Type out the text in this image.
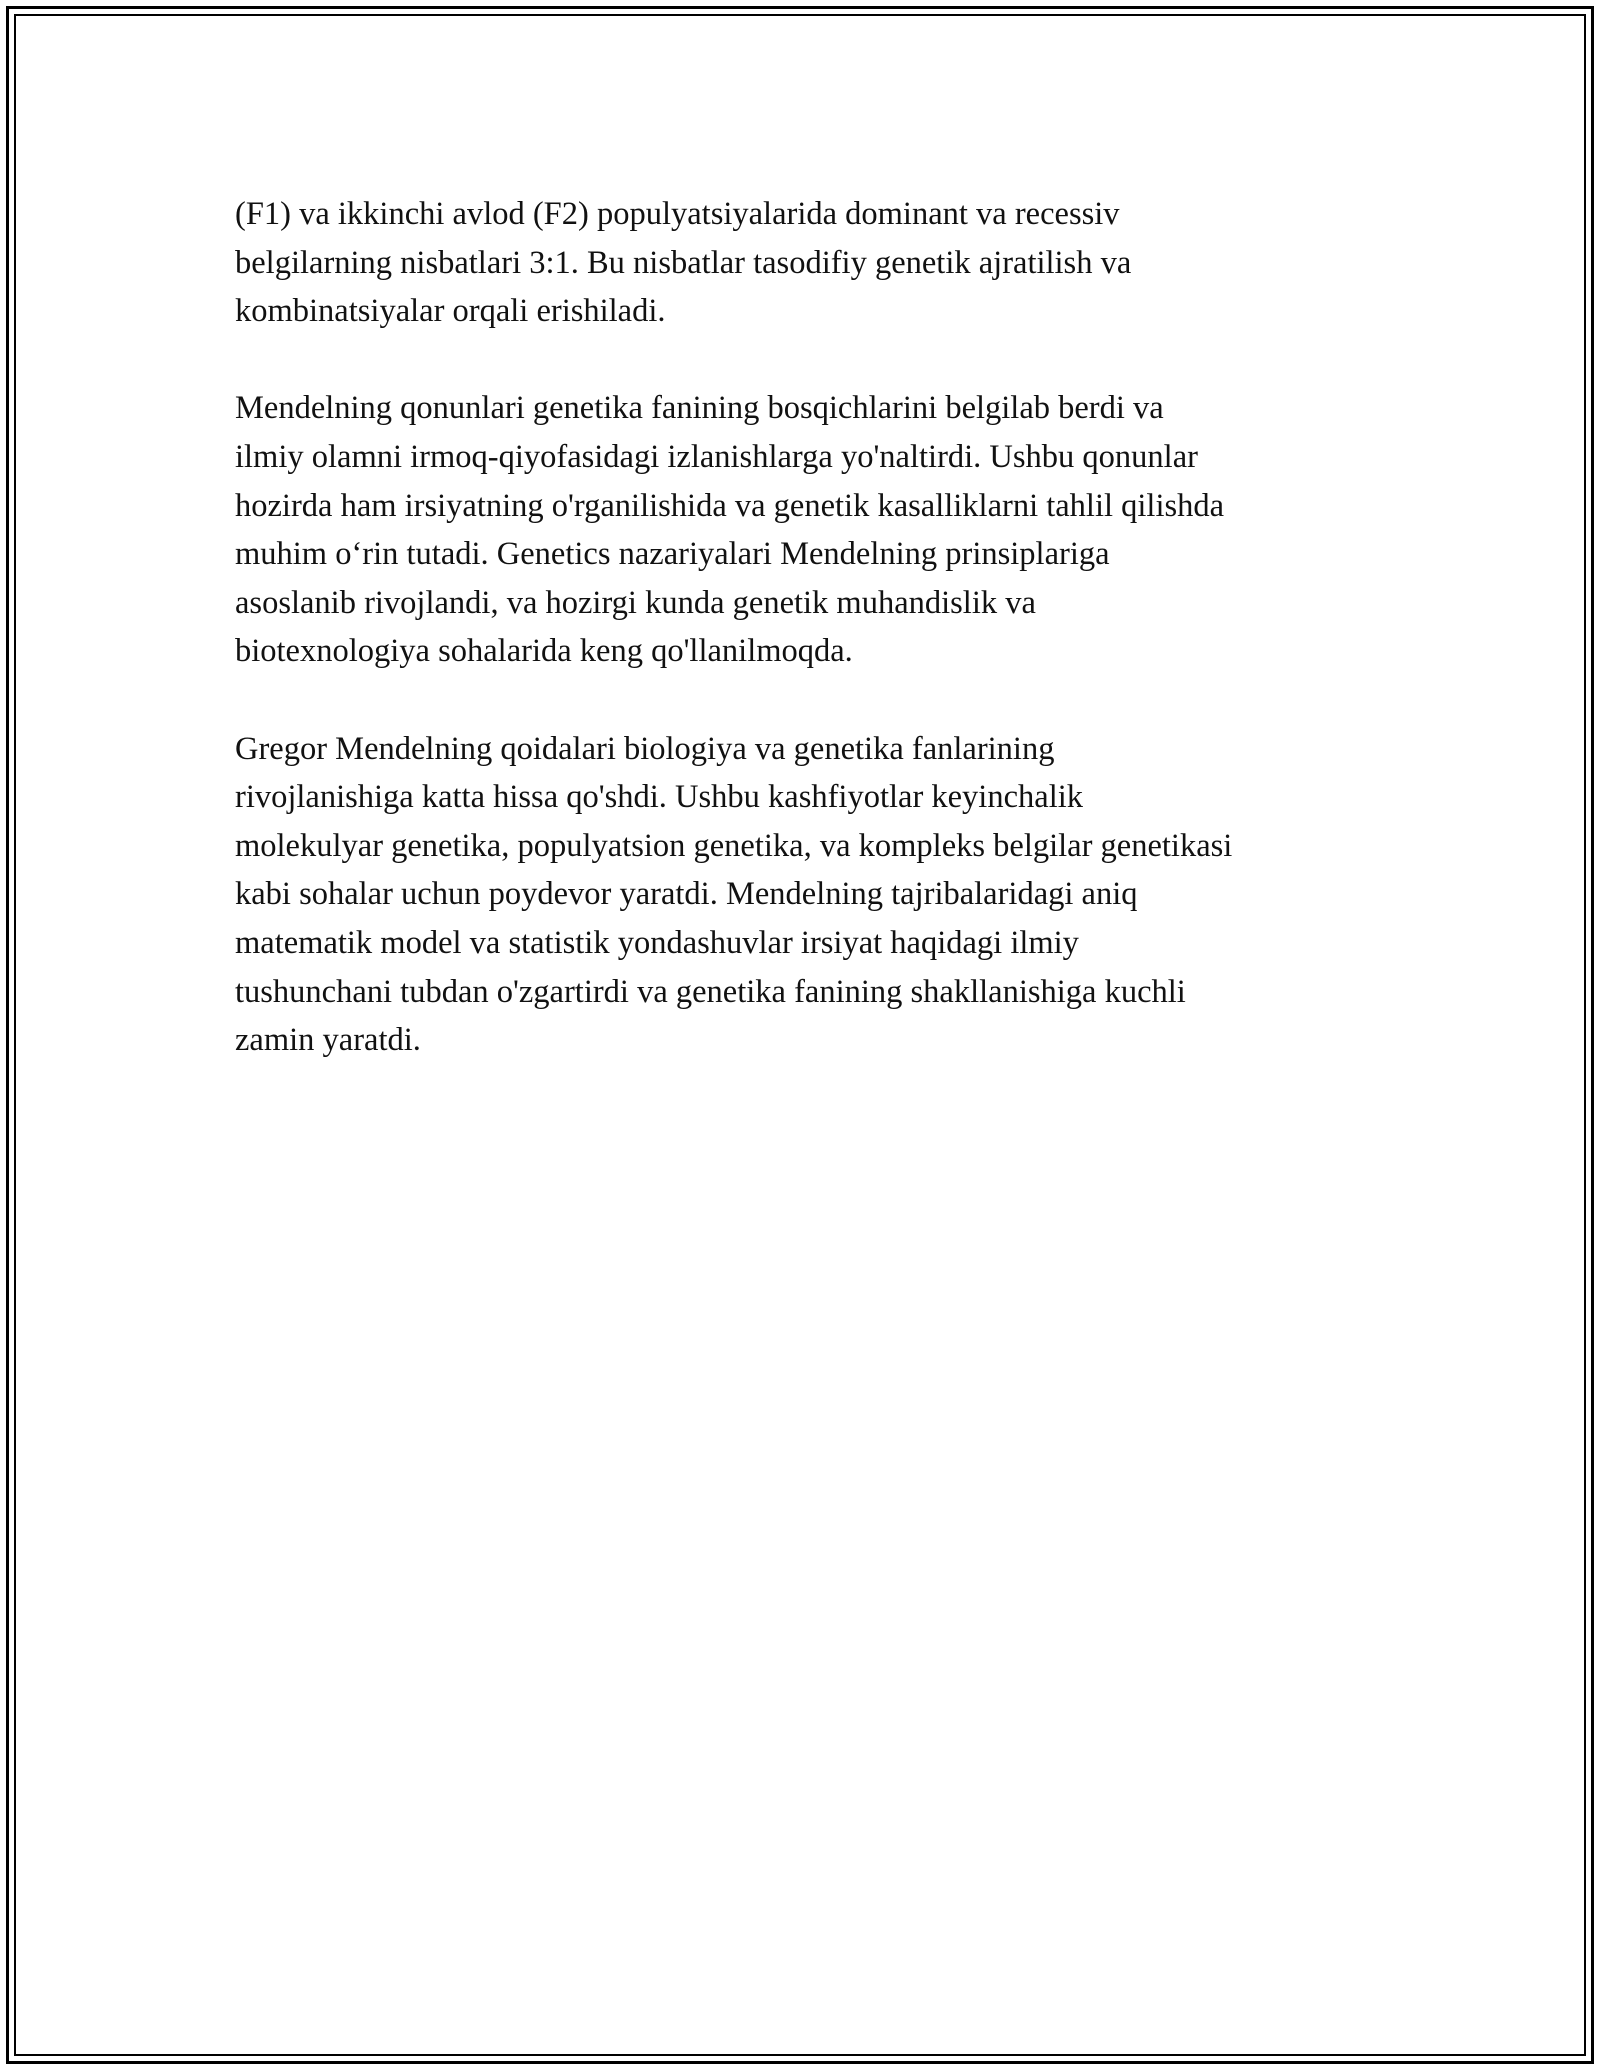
(F1) va ikkinchi avlod (F2) populyatsiyalarida dominant va recessiv
belgilarning nisbatlari 3:1. Bu nisbatlar tasodifiy genetik ajratilish va
kombinatsiyalar orqali erishiladi.

Mendelning qonunlari genetika fanining bosqichlarini belgilab berdi va
ilmiy olamni irmoq-qiyofasidagi izlanishlarga yo'naltirdi. Ushbu qonunlar
hozirda ham irsiyatning o'rganilishida va genetik kasalliklarni tahlil qilishda
muhim o‘rin tutadi. Genetics nazariyalari Mendelning prinsiplariga
asoslanib rivojlandi, va hozirgi kunda genetik muhandislik va
biotexnologiya sohalarida keng qo'llanilmoqda.

Gregor Mendelning qoidalari biologiya va genetika fanlarining
rivojlanishiga katta hissa qo'shdi. Ushbu kashfiyotlar keyinchalik
molekulyar genetika, populyatsion genetika, va kompleks belgilar genetikasi
kabi sohalar uchun poydevor yaratdi. Mendelning tajribalaridagi aniq
matematik model va statistik yondashuvlar irsiyat haqidagi ilmiy
tushunchani tubdan o'zgartirdi va genetika fanining shakllanishiga kuchli
zamin yaratdi.
